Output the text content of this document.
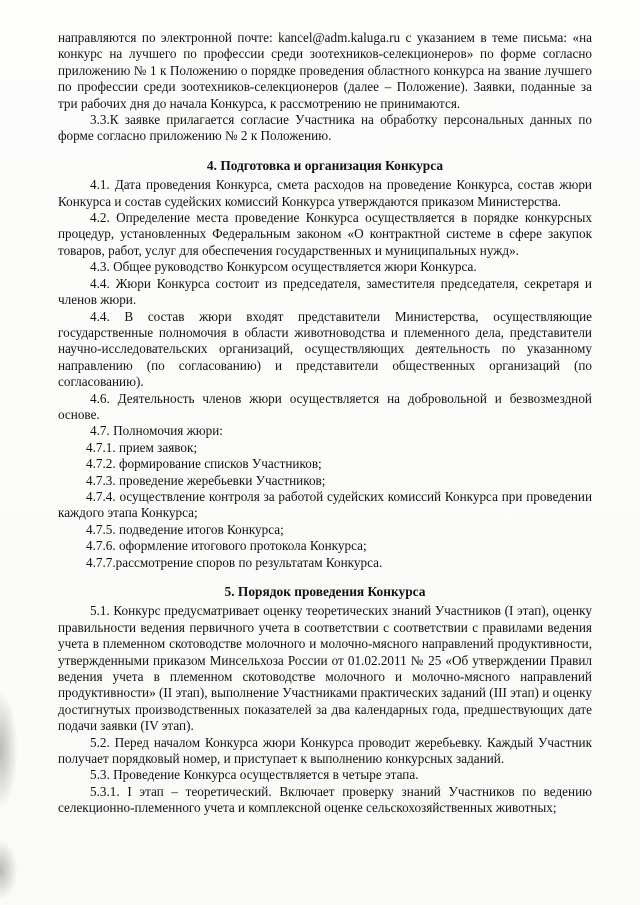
направляются по электронной почте: kancel@adm.kaluga.ru с указанием в теме письма: «на конкурс на лучшего по профессии среди зоотехников-селекционеров» по форме согласно приложению № 1 к Положению о порядке проведения областного конкурса на звание лучшего по профессии среди зоотехников-селекционеров (далее – Положение). Заявки, поданные за три рабочих дня до начала Конкурса, к рассмотрению не принимаются.

3.3.К заявке прилагается согласие Участника на обработку персональных данных по форме согласно приложению № 2 к Положению.

4. Подготовка и организация Конкурса

4.1. Дата проведения Конкурса, смета расходов на проведение Конкурса, состав жюри Конкурса и состав судейских комиссий Конкурса утверждаются приказом Министерства.

4.2. Определение места проведение Конкурса осуществляется в порядке конкурсных процедур, установленных Федеральным законом «О контрактной системе в сфере закупок товаров, работ, услуг для обеспечения государственных и муниципальных нужд».

4.3. Общее руководство Конкурсом осуществляется жюри Конкурса.

4.4. Жюри Конкурса состоит из председателя, заместителя председателя, секретаря и членов жюри.

4.4. В состав жюри входят представители Министерства, осуществляющие государственные полномочия в области животноводства и племенного дела, представители научно-исследовательских организаций, осуществляющих деятельность по указанному направлению (по согласованию) и представители общественных организаций (по согласованию).

4.6. Деятельность членов жюри осуществляется на добровольной и безвозмездной основе.

4.7. Полномочия жюри:

4.7.1. прием заявок;

4.7.2. формирование списков Участников;

4.7.3. проведение жеребьевки Участников;

4.7.4. осуществление контроля за работой судейских комиссий Конкурса при проведении каждого этапа Конкурса;

4.7.5. подведение итогов Конкурса;

4.7.6. оформление итогового протокола Конкурса;

4.7.7.рассмотрение споров по результатам Конкурса.

5. Порядок проведения Конкурса

5.1. Конкурс предусматривает оценку теоретических знаний Участников (I этап), оценку правильности ведения первичного учета в соответствии с соответствии с правилами ведения учета в племенном скотоводстве молочного и молочно-мясного направлений продуктивности, утвержденными приказом Минсельхоза России от 01.02.2011 № 25 «Об утверждении Правил ведения учета в племенном скотоводстве молочного и молочно-мясного направлений продуктивности» (II этап), выполнение Участниками практических заданий (III этап) и оценку достигнутых производственных показателей за два календарных года, предшествующих дате подачи заявки (IV этап).

5.2. Перед началом Конкурса жюри Конкурса проводит жеребьевку. Каждый Участник получает порядковый номер, и приступает к выполнению конкурсных заданий.

5.3. Проведение Конкурса осуществляется в четыре этапа.

5.3.1. I этап – теоретический. Включает проверку знаний Участников по ведению селекционно-племенного учета и комплексной оценке сельскохозяйственных животных;
